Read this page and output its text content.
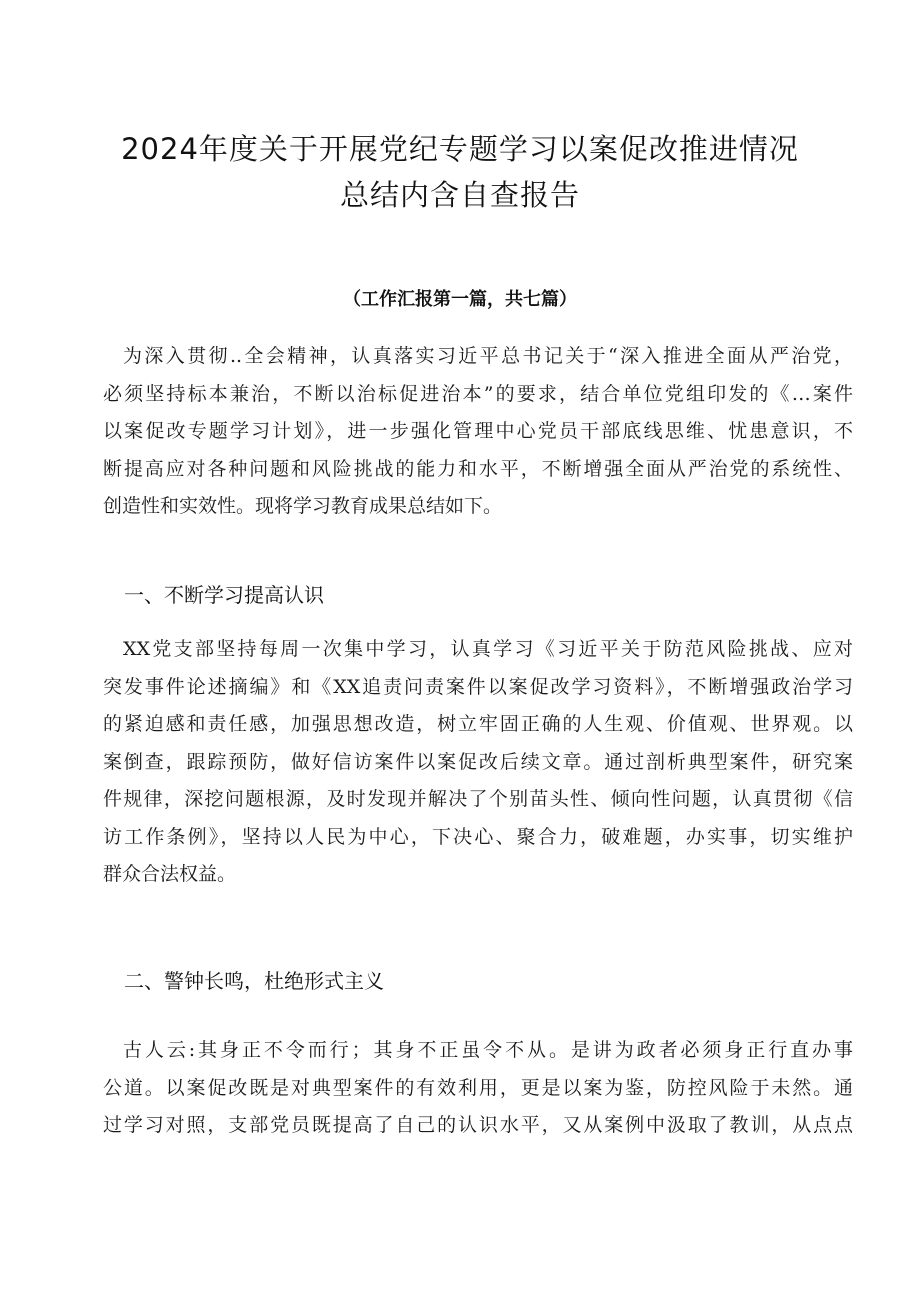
2024年度关于开展党纪专题学习以案促改推进情况
总结内含自查报告

（工作汇报第一篇，共七篇）

为深入贯彻..全会精神，认真落实习近平总书记关于“深入推进全面从严治党，
必须坚持标本兼治，不断以治标促进治本”的要求，结合单位党组印发的《…案件
以案促改专题学习计划》，进一步强化管理中心党员干部底线思维、忧患意识，不
断提高应对各种问题和风险挑战的能力和水平，不断增强全面从严治党的系统性、
创造性和实效性。现将学习教育成果总结如下。
一、不断学习提高认识
XX党支部坚持每周一次集中学习，认真学习《习近平关于防范风险挑战、应对
突发事件论述摘编》和《XX追责问责案件以案促改学习资料》，不断增强政治学习
的紧迫感和责任感，加强思想改造，树立牢固正确的人生观、价值观、世界观。以
案倒查，跟踪预防，做好信访案件以案促改后续文章。通过剖析典型案件，研究案
件规律，深挖问题根源，及时发现并解决了个别苗头性、倾向性问题，认真贯彻《信
访工作条例》，坚持以人民为中心，下决心、聚合力，破难题，办实事，切实维护
群众合法权益。
二、警钟长鸣，杜绝形式主义
古人云:其身正不令而行；其身不正虽令不从。是讲为政者必须身正行直办事
公道。以案促改既是对典型案件的有效利用，更是以案为鉴，防控风险于未然。通
过学习对照，支部党员既提高了自己的认识水平，又从案例中汲取了教训，从点点
